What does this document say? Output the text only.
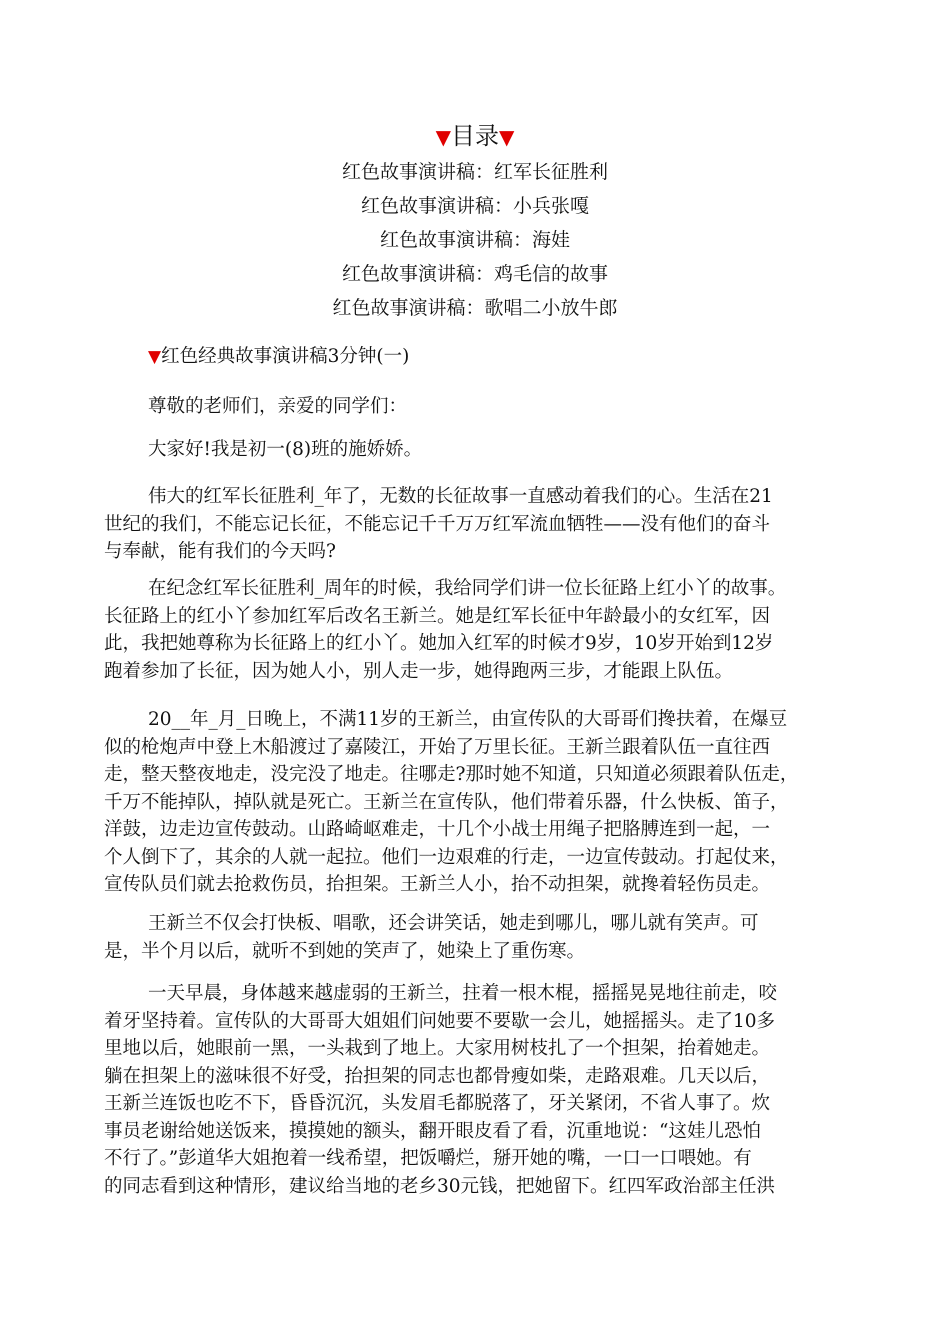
▼目录▼
红色故事演讲稿：红军长征胜利
红色故事演讲稿：小兵张嘎
红色故事演讲稿：海娃
红色故事演讲稿：鸡毛信的故事
红色故事演讲稿：歌唱二小放牛郎
▼红色经典故事演讲稿3分钟(一)
尊敬的老师们，亲爱的同学们：
大家好!我是初一(8)班的施娇娇。
伟大的红军长征胜利_年了，无数的长征故事一直感动着我们的心。生活在21
世纪的我们，不能忘记长征，不能忘记千千万万红军流血牺牲——没有他们的奋斗
与奉献，能有我们的今天吗?
在纪念红军长征胜利_周年的时候，我给同学们讲一位长征路上红小丫的故事。
长征路上的红小丫参加红军后改名王新兰。她是红军长征中年龄最小的女红军，因
此，我把她尊称为长征路上的红小丫。她加入红军的时候才9岁，10岁开始到12岁
跑着参加了长征，因为她人小，别人走一步，她得跑两三步，才能跟上队伍。
20__年_月_日晚上，不满11岁的王新兰，由宣传队的大哥哥们搀扶着，在爆豆
似的枪炮声中登上木船渡过了嘉陵江，开始了万里长征。王新兰跟着队伍一直往西
走，整天整夜地走，没完没了地走。往哪走?那时她不知道，只知道必须跟着队伍走，
千万不能掉队，掉队就是死亡。王新兰在宣传队，他们带着乐器，什么快板、笛子，
洋鼓，边走边宣传鼓动。山路崎岖难走，十几个小战士用绳子把胳膊连到一起，一
个人倒下了，其余的人就一起拉。他们一边艰难的行走，一边宣传鼓动。打起仗来，
宣传队员们就去抢救伤员，抬担架。王新兰人小，抬不动担架，就搀着轻伤员走。
王新兰不仅会打快板、唱歌，还会讲笑话，她走到哪儿，哪儿就有笑声。可
是，半个月以后，就听不到她的笑声了，她染上了重伤寒。
一天早晨，身体越来越虚弱的王新兰，拄着一根木棍，摇摇晃晃地往前走，咬
着牙坚持着。宣传队的大哥哥大姐姐们问她要不要歇一会儿，她摇摇头。走了10多
里地以后，她眼前一黑，一头栽到了地上。大家用树枝扎了一个担架，抬着她走。
躺在担架上的滋味很不好受，抬担架的同志也都骨瘦如柴，走路艰难。几天以后，
王新兰连饭也吃不下，昏昏沉沉，头发眉毛都脱落了，牙关紧闭，不省人事了。炊
事员老谢给她送饭来，摸摸她的额头，翻开眼皮看了看，沉重地说：“这娃儿恐怕
不行了。”彭道华大姐抱着一线希望，把饭嚼烂，掰开她的嘴，一口一口喂她。有
的同志看到这种情形，建议给当地的老乡30元钱，把她留下。红四军政治部主任洪
